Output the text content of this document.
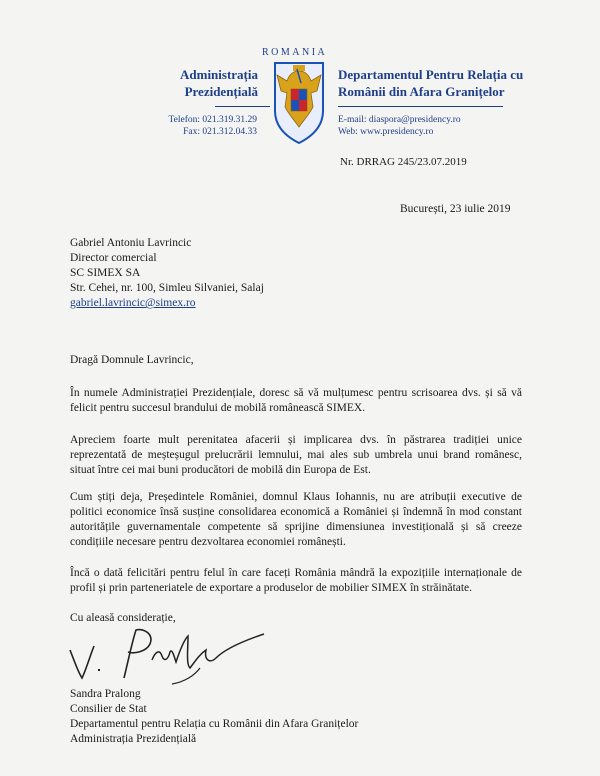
ROMANIA
Administrația
Prezidențială
Departamentul Pentru Relația cu
Românii din Afara Granițelor
Telefon: 021.319.31.29
Fax: 021.312.04.33
E-mail: diaspora@presidency.ro
Web: www.presidency.ro
Nr. DRRAG 245/23.07.2019
București, 23 iulie 2019
Gabriel Antoniu Lavrincic
Director comercial
SC SIMEX SA
Str. Cehei, nr. 100, Simleu Silvaniei, Salaj
gabriel.lavrincic@simex.ro
Dragă Domnule Lavrincic,
În numele Administrației Prezidențiale, doresc să vă mulțumesc pentru scrisoarea dvs. și să vă felicit pentru succesul brandului de mobilă românească SIMEX.
Apreciem foarte mult perenitatea afacerii și implicarea dvs. în păstrarea tradiției unice reprezentată de meșteșugul prelucrării lemnului, mai ales sub umbrela unui brand românesc, situat între cei mai buni producători de mobilă din Europa de Est.
Cum știți deja, Președintele României, domnul Klaus Iohannis, nu are atribuții executive de politici economice însă susține consolidarea economică a României și îndemnă în mod constant autoritățile guvernamentale competente să sprijine dimensiunea investițională și să creeze condițiile necesare pentru dezvoltarea economiei românești.
Încă o dată felicitări pentru felul în care faceți România mândră la expozițiile internaționale de profil și prin parteneriatele de exportare a produselor de mobilier SIMEX în străinătate.
Cu aleasă considerație,
Sandra Pralong
Consilier de Stat
Departamentul pentru Relația cu Românii din Afara Granițelor
Administrația Prezidențială
